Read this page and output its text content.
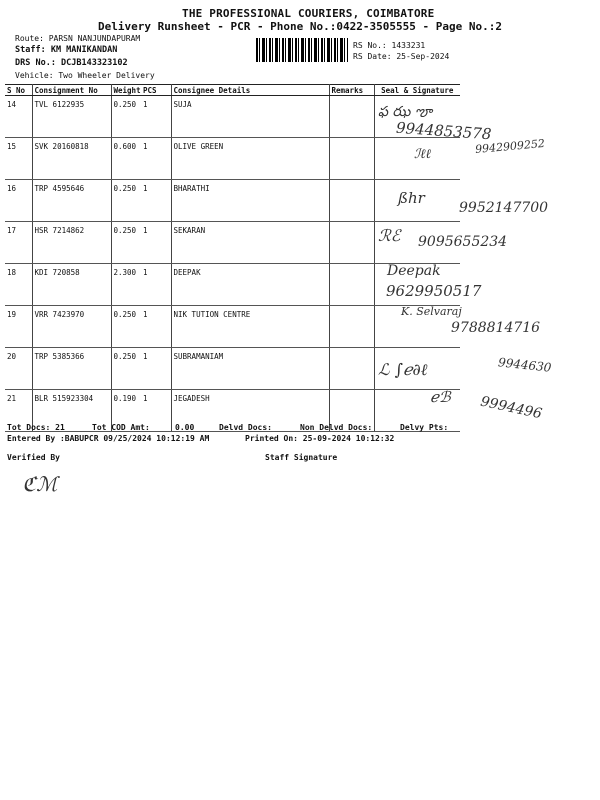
THE PROFESSIONAL COURIERS, COIMBATORE
Delivery Runsheet - PCR - Phone No.:0422-3505555 - Page No.:2
Route: PARSN NANJUNDAPURAM
Staff: KM MANIKANDAN
DRS No.: DCJB143323102
Vehicle: Two Wheeler Delivery
RS No.: 1433231
RS Date: 25-Sep-2024
S No	Consignment No	Weight	PCS	Consignee Details	Remarks	Seal & Signature
14	TVL 6122935	0.250	1	SUJA		
15	SVK 20160818	0.600	1	OLIVE GREEN		
16	TRP 4595646	0.250	1	BHARATHI		
17	HSR 7214862	0.250	1	SEKARAN		
18	KDI 720858	2.300	1	DEEPAK		
19	VRR 7423970	0.250	1	NIK TUTION CENTRE		
20	TRP 5385366	0.250	1	SUBRAMANIAM		
21	BLR 515923304	0.190	1	JEGADESH		
ఫ ఝ ౡ
9944853578
ℐℓℓ	9942909252
ßhr
9952147700
ℛℰ 9095655234
Deepak
9629950517
K. Selvaraj
9788814716
ℒ ∫ℯ∂ℓ	9944630
ℯℬ 9994496
Tot Docs: 21	Tot COD Amt:	0.00	Delvd Docs:	Non Delvd Docs:	Delvy Pts:
Entered By :BABUPCR 09/25/2024 10:12:19 AM	Printed On: 25-09-2024 10:12:32
Verified By	Staff Signature
ℭℳ
